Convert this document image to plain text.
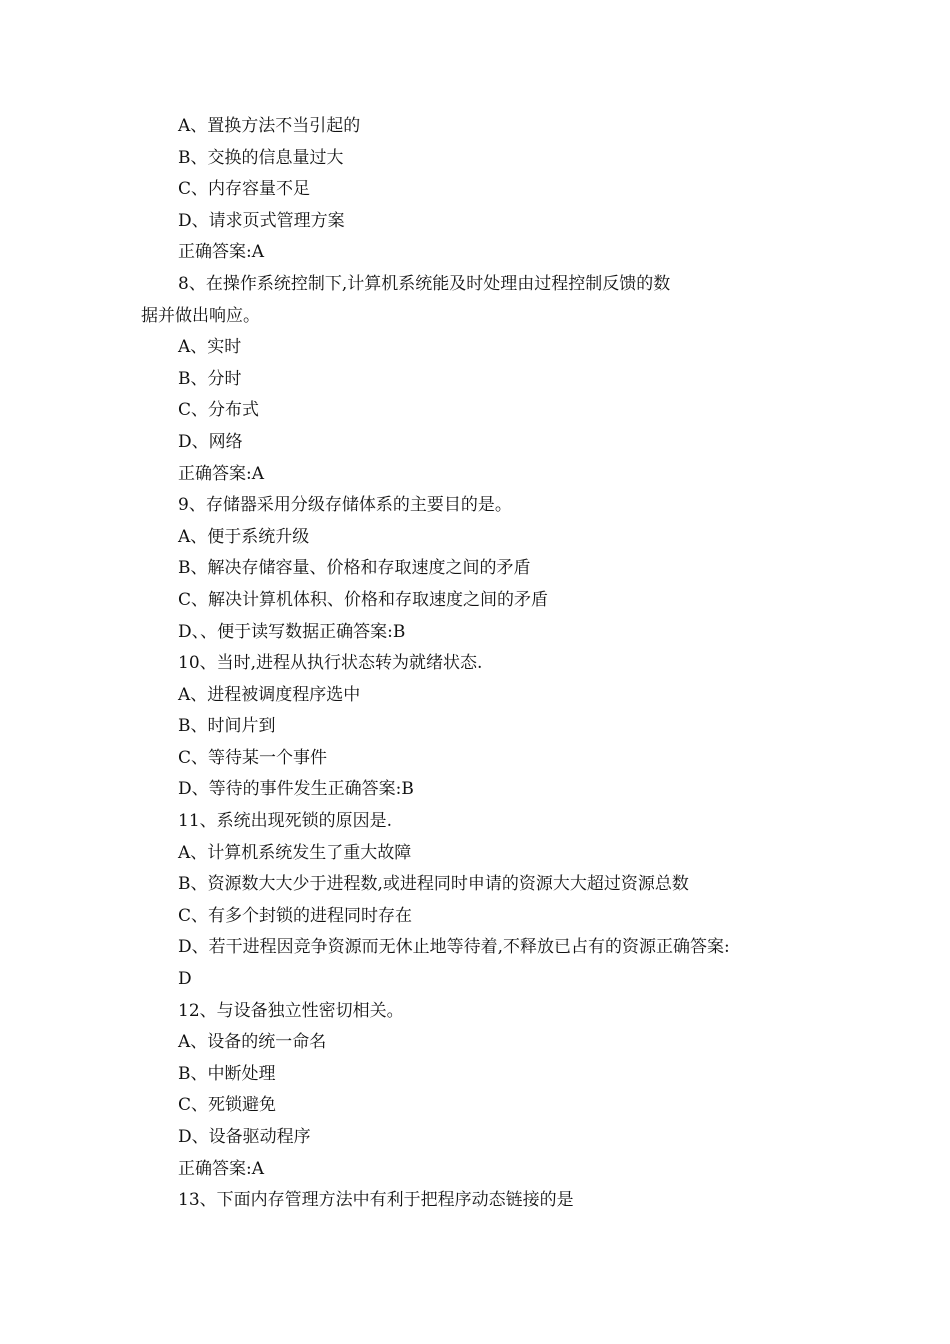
A、置换方法不当引起的
B、交换的信息量过大
C、内存容量不足
D、请求页式管理方案
正确答案:A
8、在操作系统控制下,计算机系统能及时处理由过程控制反馈的数
据并做出响应。
A、实时
B、分时
C、分布式
D、网络
正确答案:A
9、存储器采用分级存储体系的主要目的是。
A、便于系统升级
B、解决存储容量、价格和存取速度之间的矛盾
C、解决计算机体积、价格和存取速度之间的矛盾
D、、便于读写数据正确答案:B
10、当时,进程从执行状态转为就绪状态.
A、进程被调度程序选中
B、时间片到
C、等待某一个事件
D、等待的事件发生正确答案:B
11、系统出现死锁的原因是.
A、计算机系统发生了重大故障
B、资源数大大少于进程数,或进程同时申请的资源大大超过资源总数
C、有多个封锁的进程同时存在
D、若干进程因竞争资源而无休止地等待着,不释放已占有的资源正确答案:
D
12、与设备独立性密切相关。
A、设备的统一命名
B、中断处理
C、死锁避免
D、设备驱动程序
正确答案:A
13、下面内存管理方法中有利于把程序动态链接的是
